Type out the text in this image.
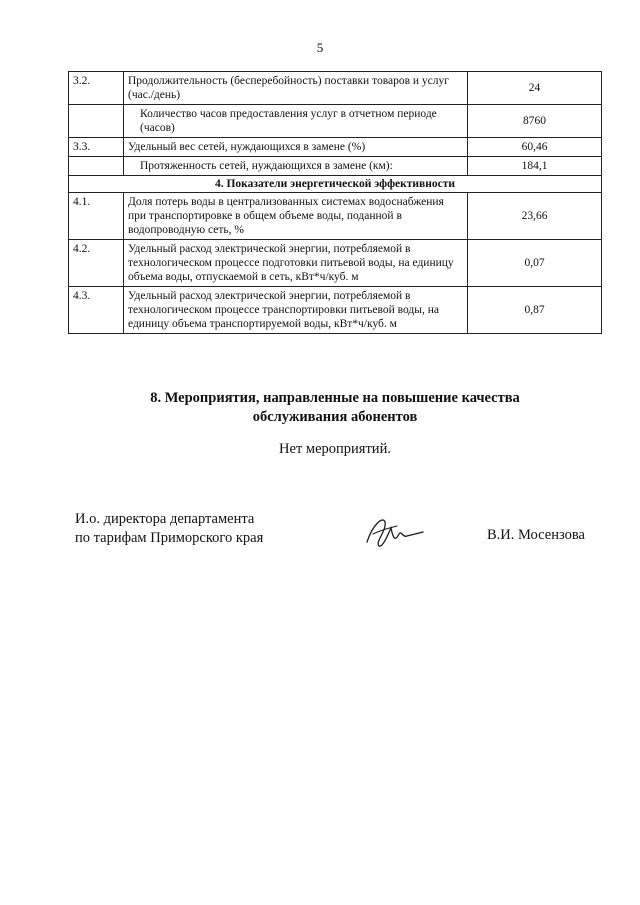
5
3.2.	Продолжительность (бесперебойность) поставки товаров и услуг (час./день)	24
	Количество часов предоставления услуг в отчетном периоде (часов)	8760
3.3.	Удельный вес сетей, нуждающихся в замене (%)	60,46
	Протяженность сетей, нуждающихся в замене (км):	184,1
4. Показатели энергетической эффективности		
4.1.	Доля потерь воды в централизованных системах водоснабжения при транспортировке в общем объеме воды, поданной в водопроводную сеть, %	23,66
4.2.	Удельный расход электрической энергии, потребляемой в технологическом процессе подготовки питьевой воды, на единицу объема воды, отпускаемой в сеть, кВт*ч/куб. м	0,07
4.3.	Удельный расход электрической энергии, потребляемой в технологическом процессе транспортировки питьевой воды, на единицу объема транспортируемой воды, кВт*ч/куб. м	0,87
8. Мероприятия, направленные на повышение качества
обслуживания абонентов
Нет мероприятий.
И.о. директора департамента
по тарифам Приморского края	В.И. Мосензова
